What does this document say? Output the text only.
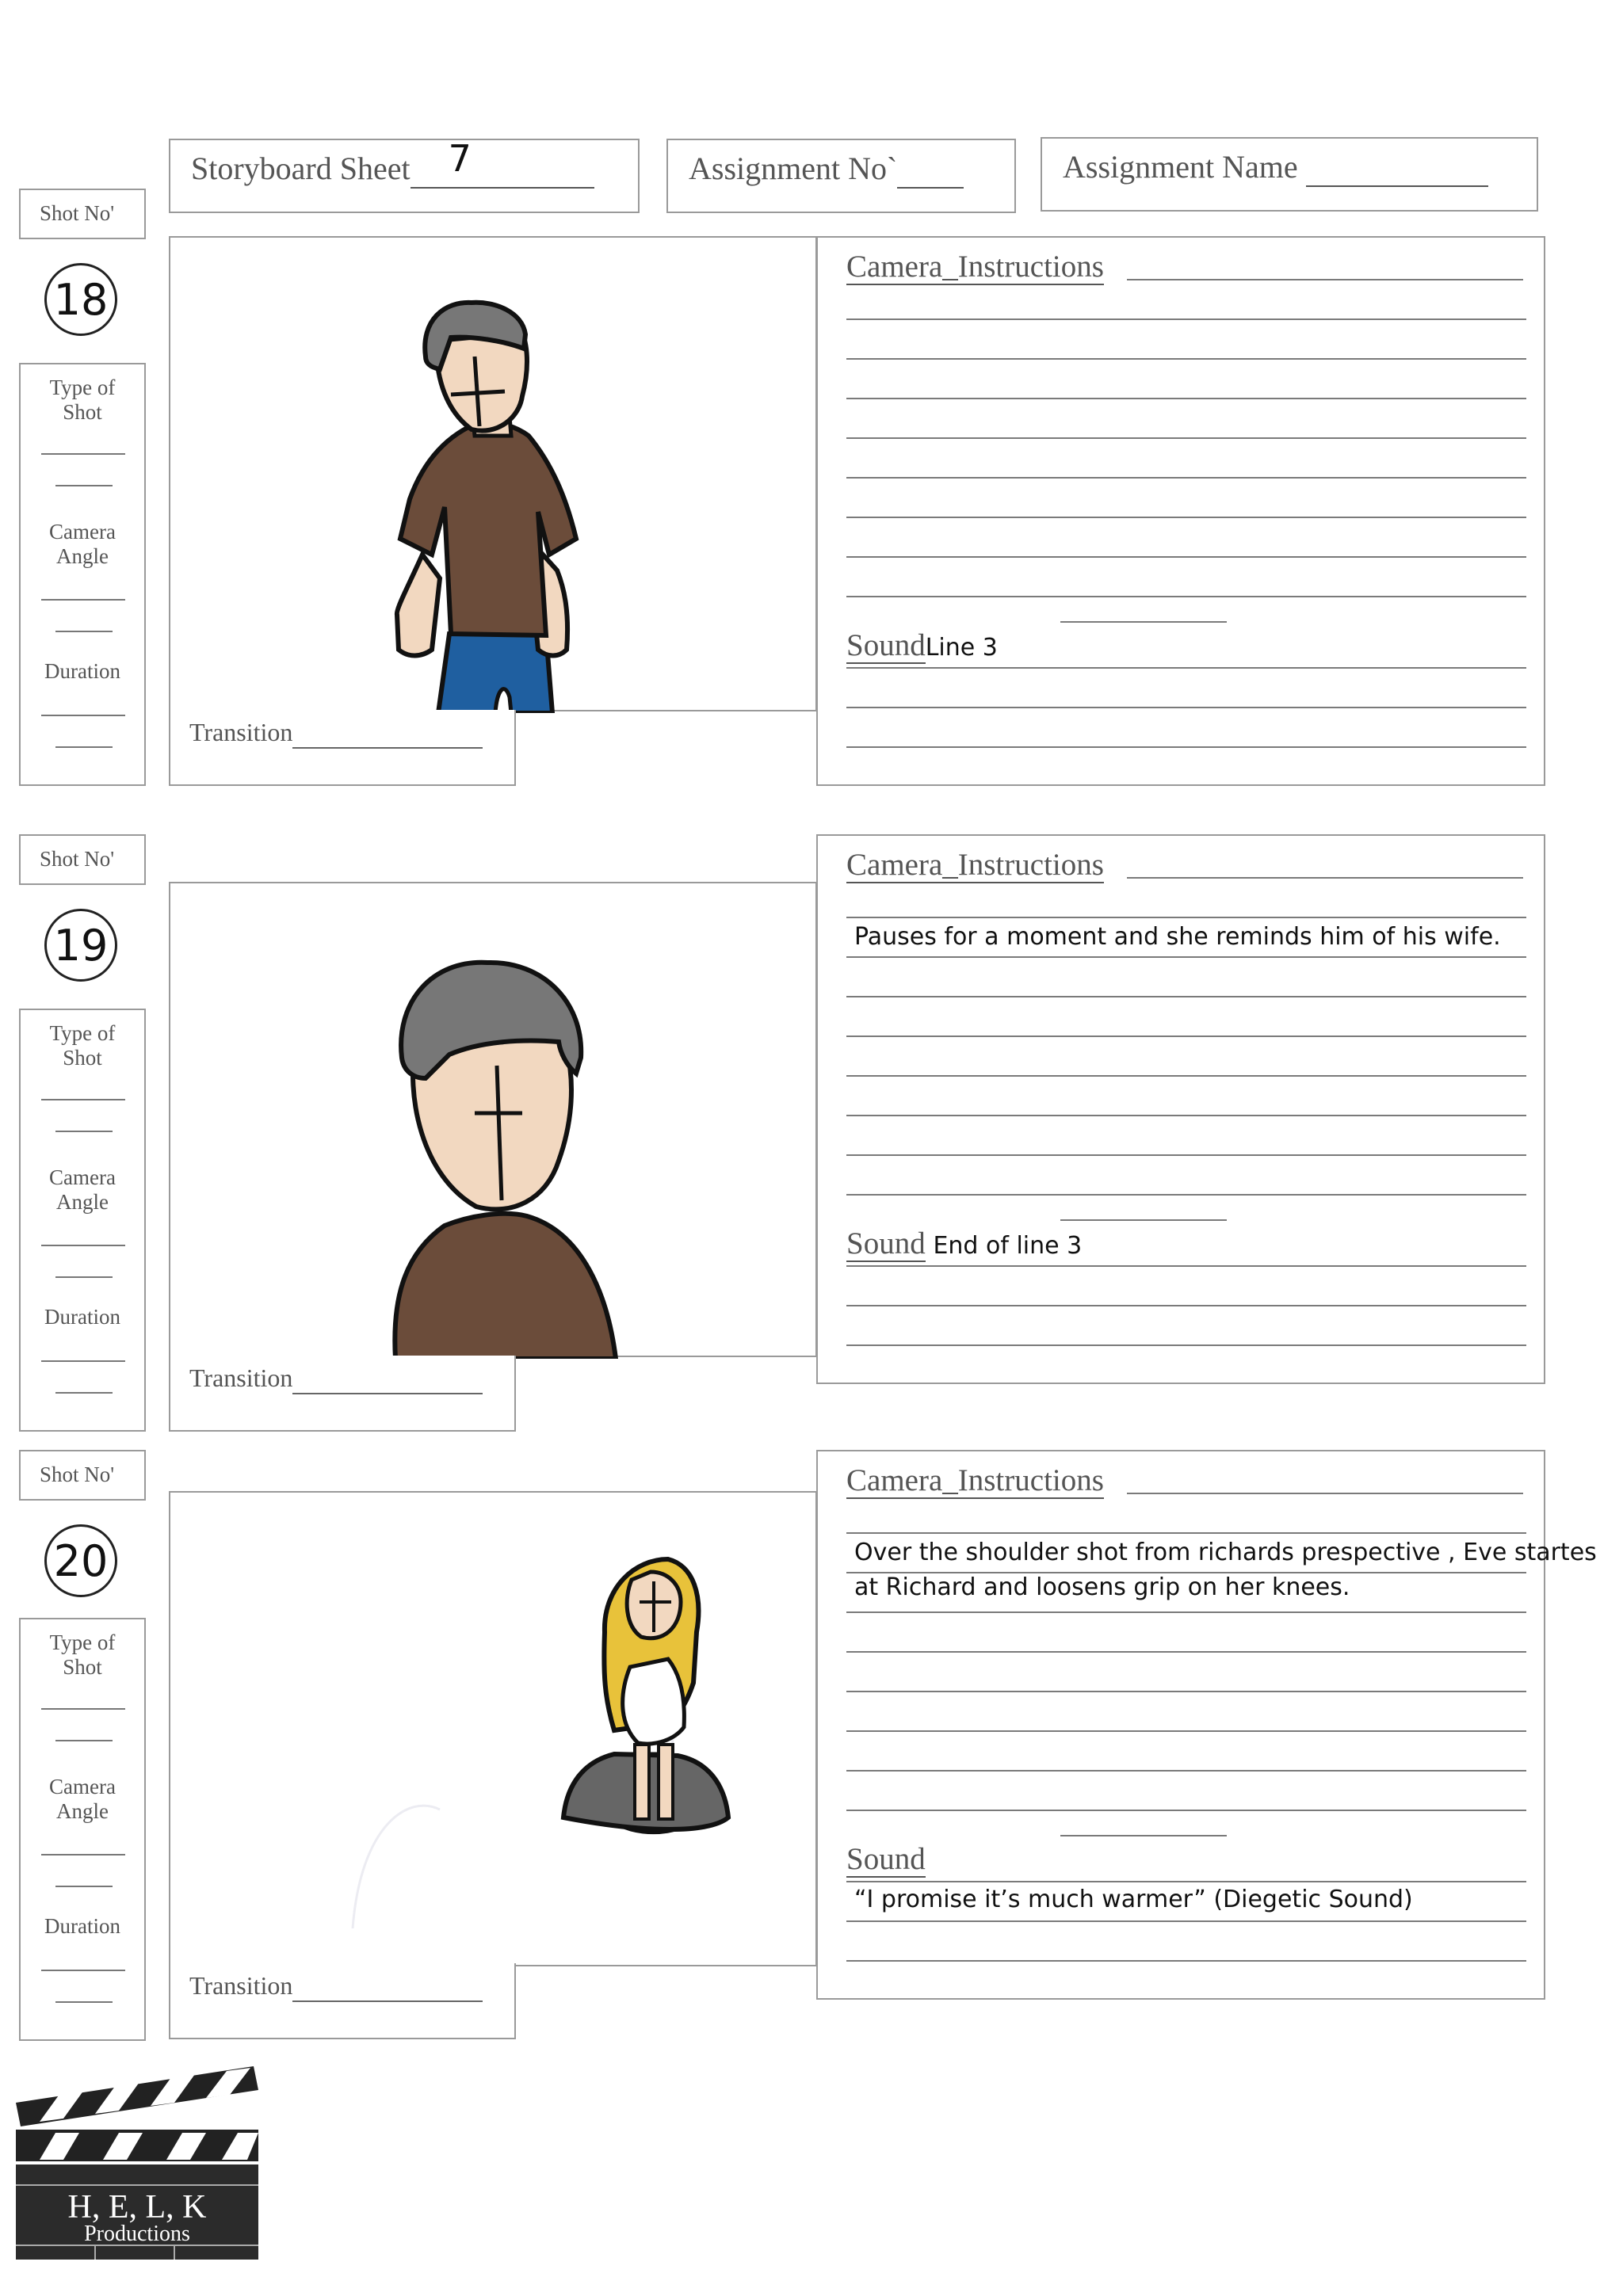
Storyboard Sheet 7
	Assignment No`	Assignment Name
Shot No'
18
Type of
Shot
Camera
Angle
Duration
Transition
Camera_Instructions
SoundLine 3
Shot No'
19
Type of
Shot
Camera
Angle
Duration
Transition
Camera_Instructions
Pauses for a moment and she reminds him of his wife.
Sound End of line 3
Shot No'
20
Type of
Shot
Camera
Angle
Duration
Transition
Camera_Instructions
Over the shoulder shot from richards prespective , Eve startes
at Richard and loosens grip on her knees.
Sound
“I promise it’s much warmer” (Diegetic Sound)
H, E, L, K
Productions
